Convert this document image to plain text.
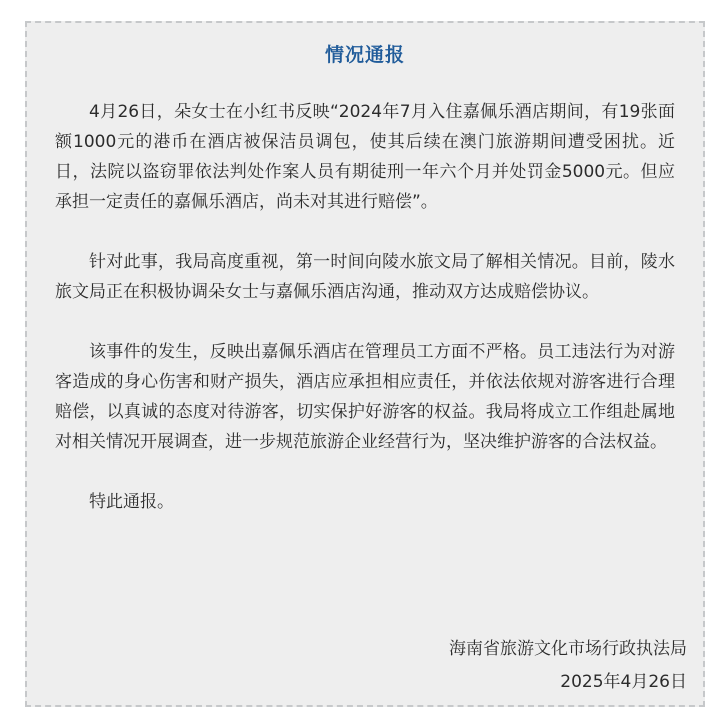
情况通报

4月26日，朵女士在小红书反映“2024年7月入住嘉佩乐酒店期间，有19张面额1000元的港币在酒店被保洁员调包，使其后续在澳门旅游期间遭受困扰。近日，法院以盗窃罪依法判处作案人员有期徒刑一年六个月并处罚金5000元。但应承担一定责任的嘉佩乐酒店，尚未对其进行赔偿”。

针对此事，我局高度重视，第一时间向陵水旅文局了解相关情况。目前，陵水旅文局正在积极协调朵女士与嘉佩乐酒店沟通，推动双方达成赔偿协议。

该事件的发生，反映出嘉佩乐酒店在管理员工方面不严格。员工违法行为对游客造成的身心伤害和财产损失，酒店应承担相应责任，并依法依规对游客进行合理赔偿，以真诚的态度对待游客，切实保护好游客的权益。我局将成立工作组赴属地对相关情况开展调查，进一步规范旅游企业经营行为，坚决维护游客的合法权益。

特此通报。

海南省旅游文化市场行政执法局
2025年4月26日
